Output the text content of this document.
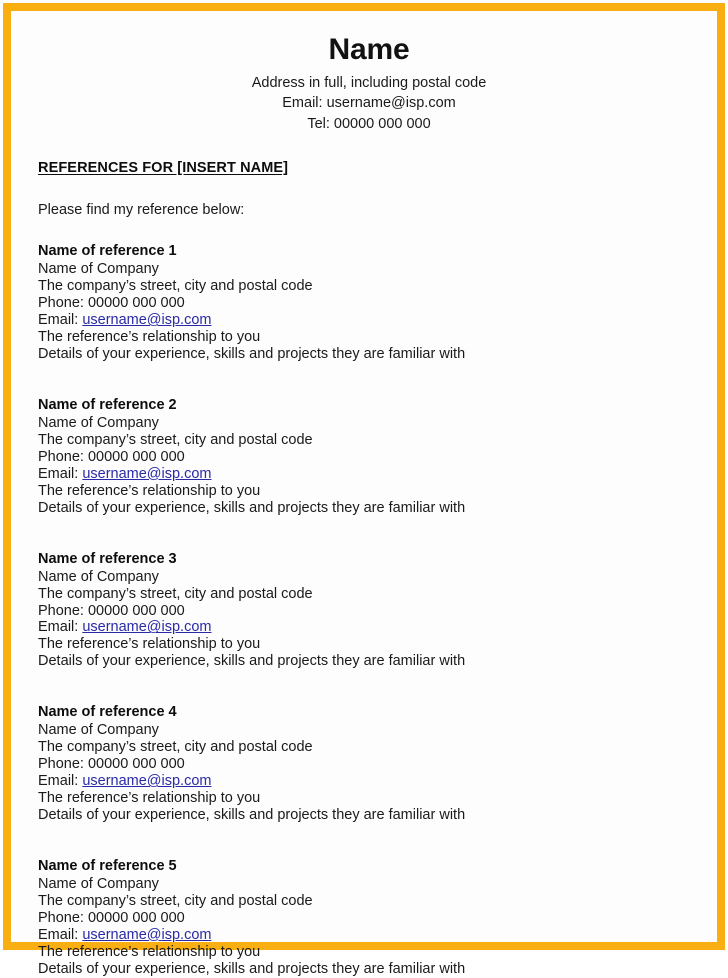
Name
Address in full, including postal code
Email: username@isp.com
Tel: 00000 000 000
REFERENCES FOR [INSERT NAME]
Please find my reference below:
Name of reference 1
Name of Company
The company’s street, city and postal code
Phone: 00000 000 000
Email: username@isp.com
The reference’s relationship to you
Details of your experience, skills and projects they are familiar with
Name of reference 2
Name of Company
The company’s street, city and postal code
Phone: 00000 000 000
Email: username@isp.com
The reference’s relationship to you
Details of your experience, skills and projects they are familiar with
Name of reference 3
Name of Company
The company’s street, city and postal code
Phone: 00000 000 000
Email: username@isp.com
The reference’s relationship to you
Details of your experience, skills and projects they are familiar with
Name of reference 4
Name of Company
The company’s street, city and postal code
Phone: 00000 000 000
Email: username@isp.com
The reference’s relationship to you
Details of your experience, skills and projects they are familiar with
Name of reference 5
Name of Company
The company’s street, city and postal code
Phone: 00000 000 000
Email: username@isp.com
The reference’s relationship to you
Details of your experience, skills and projects they are familiar with
